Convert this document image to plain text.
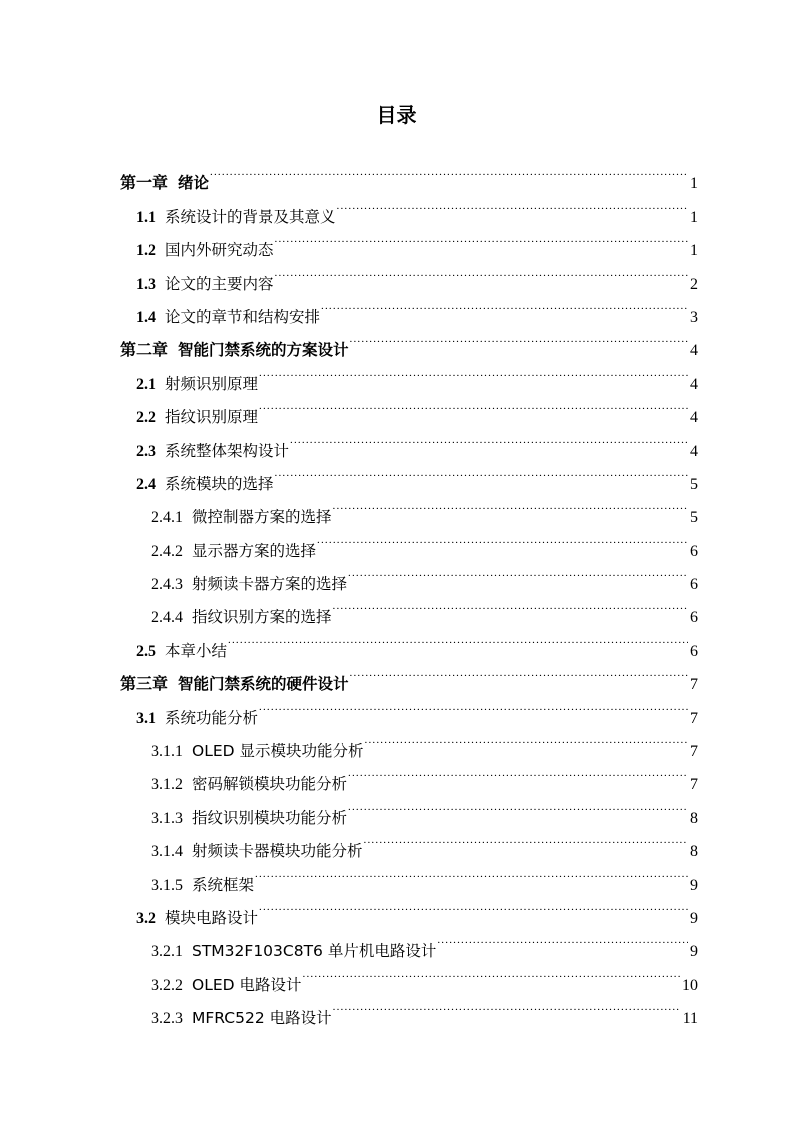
目录
第一章 绪论 .....	1
1.1 系统设计的背景及其意义 .....	1
1.2 国内外研究动态 .....	1
1.3 论文的主要内容 .....	2
1.4 论文的章节和结构安排 .....	3
第二章 智能门禁系统的方案设计 .....	4
2.1 射频识别原理 .....	4
2.2 指纹识别原理 .....	4
2.3 系统整体架构设计 .....	4
2.4 系统模块的选择 .....	5
2.4.1 微控制器方案的选择 .....	5
2.4.2 显示器方案的选择 .....	6
2.4.3 射频读卡器方案的选择 .....	6
2.4.4 指纹识别方案的选择 .....	6
2.5 本章小结 .....	6
第三章 智能门禁系统的硬件设计 .....	7
3.1 系统功能分析 .....	7
3.1.1 OLED 显示模块功能分析 .....	7
3.1.2 密码解锁模块功能分析 .....	7
3.1.3 指纹识别模块功能分析 .....	8
3.1.4 射频读卡器模块功能分析 .....	8
3.1.5 系统框架 .....	9
3.2 模块电路设计 .....	9
3.2.1 STM32F103C8T6 单片机电路设计 .....	9
3.2.2 OLED 电路设计 .....	10
3.2.3 MFRC522 电路设计 .....	11
